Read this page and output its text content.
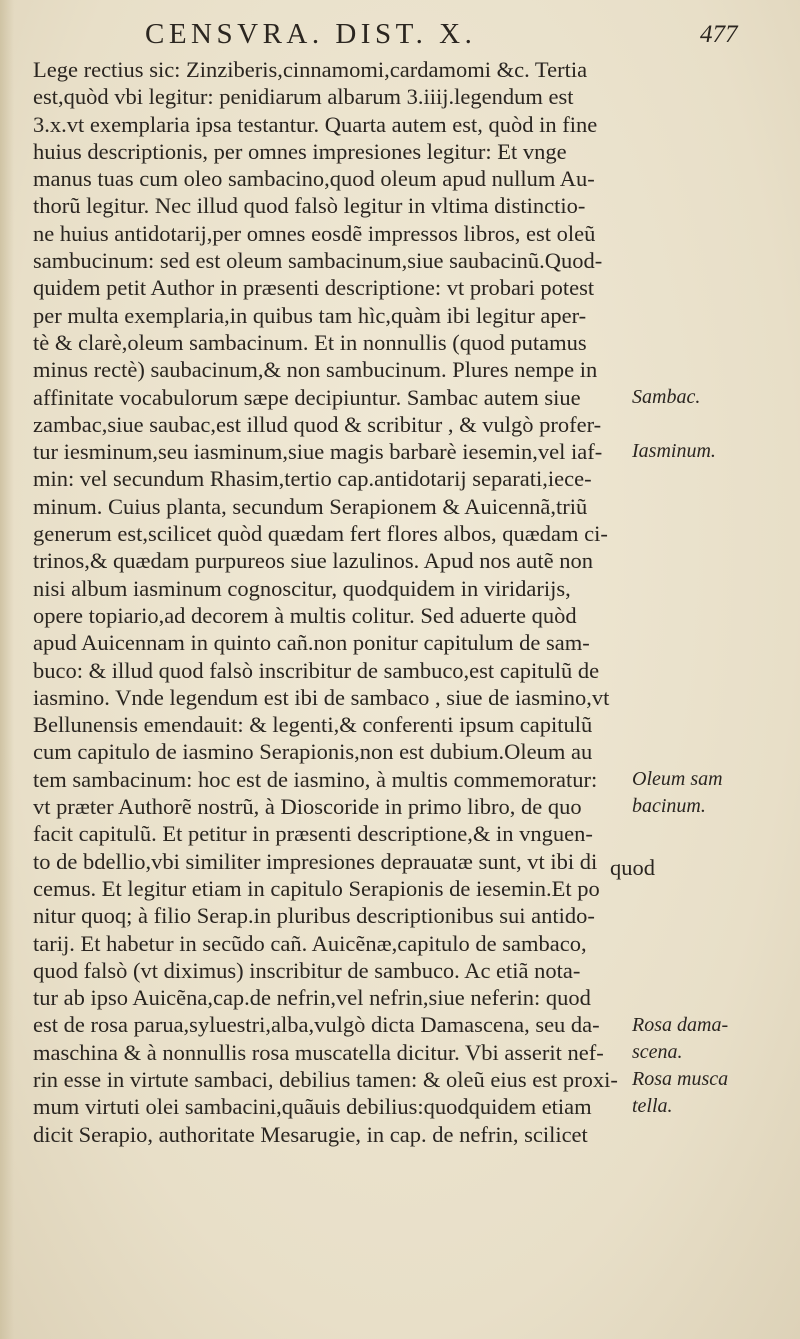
CENSVRA. DIST. X.	477
Lege rectius sic: Zinziberis,cinnamomi,cardamomi &c. Tertia
est,quòd vbi legitur: penidiarum albarum 3.iiij.legendum est
3.x.vt exemplaria ipsa testantur. Quarta autem est, quòd in fine
huius descriptionis, per omnes impresiones legitur: Et vnge
manus tuas cum oleo sambacino,quod oleum apud nullum Au-
thorũ legitur. Nec illud quod falsò legitur in vltima distinctio-
ne huius antidotarij,per omnes eosdẽ impressos libros, est oleũ
sambucinum: sed est oleum sambacinum,siue saubacinũ.Quod-
quidem petit Author in præsenti descriptione: vt probari potest
per multa exemplaria,in quibus tam hìc,quàm ibi legitur aper-
tè & clarè,oleum sambacinum. Et in nonnullis (quod putamus
minus rectè) saubacinum,& non sambucinum. Plures nempe in
affinitate vocabulorum sæpe decipiuntur. Sambac autem siue
zambac,siue saubac,est illud quod & scribitur , & vulgò profer-
tur iesminum,seu iasminum,siue magis barbarè iesemin,vel iaf-
min: vel secundum Rhasim,tertio cap.antidotarij separati,iece-
minum. Cuius planta, secundum Serapionem & Auicennã,triũ
generum est,scilicet quòd quædam fert flores albos, quædam ci-
trinos,& quædam purpureos siue lazulinos. Apud nos autẽ non
nisi album iasminum cognoscitur, quodquidem in viridarijs,
opere topiario,ad decorem à multis colitur. Sed aduerte quòd
apud Auicennam in quinto cañ.non ponitur capitulum de sam-
buco: & illud quod falsò inscribitur de sambuco,est capitulũ de
iasmino. Vnde legendum est ibi de sambaco , siue de iasmino,vt
Bellunensis emendauit: & legenti,& conferenti ipsum capitulũ
cum capitulo de iasmino Serapionis,non est dubium.Oleum au
tem sambacinum: hoc est de iasmino, à multis commemoratur:
vt præter Authorẽ nostrũ, à Dioscoride in primo libro, de quo
facit capitulũ. Et petitur in præsenti descriptione,& in vnguen-
to de bdellio,vbi similiter impresiones deprauatæ sunt, vt ibi di
cemus. Et legitur etiam in capitulo Serapionis de iesemin.Et po
nitur quoq; à filio Serap.in pluribus descriptionibus sui antido-
tarij. Et habetur in secũdo cañ. Auicẽnæ,capitulo de sambaco,
quod falsò (vt diximus) inscribitur de sambuco. Ac etiã nota-
tur ab ipso Auicẽna,cap.de nefrin,vel nefrin,siue neferin: quod
est de rosa parua,syluestri,alba,vulgò dicta Damascena, seu da-
maschina & à nonnullis rosa muscatella dicitur. Vbi asserit nef-
rin esse in virtute sambaci, debilius tamen: & oleũ eius est proxi-
mum virtuti olei sambacini,quãuis debilius:quodquidem etiam
dicit Serapio, authoritate Mesarugie, in cap. de nefrin, scilicet
Sambac.
Iasminum.
Oleum sam
bacinum.
Rosa dama-
scena.
Rosa musca
tella.
quod
